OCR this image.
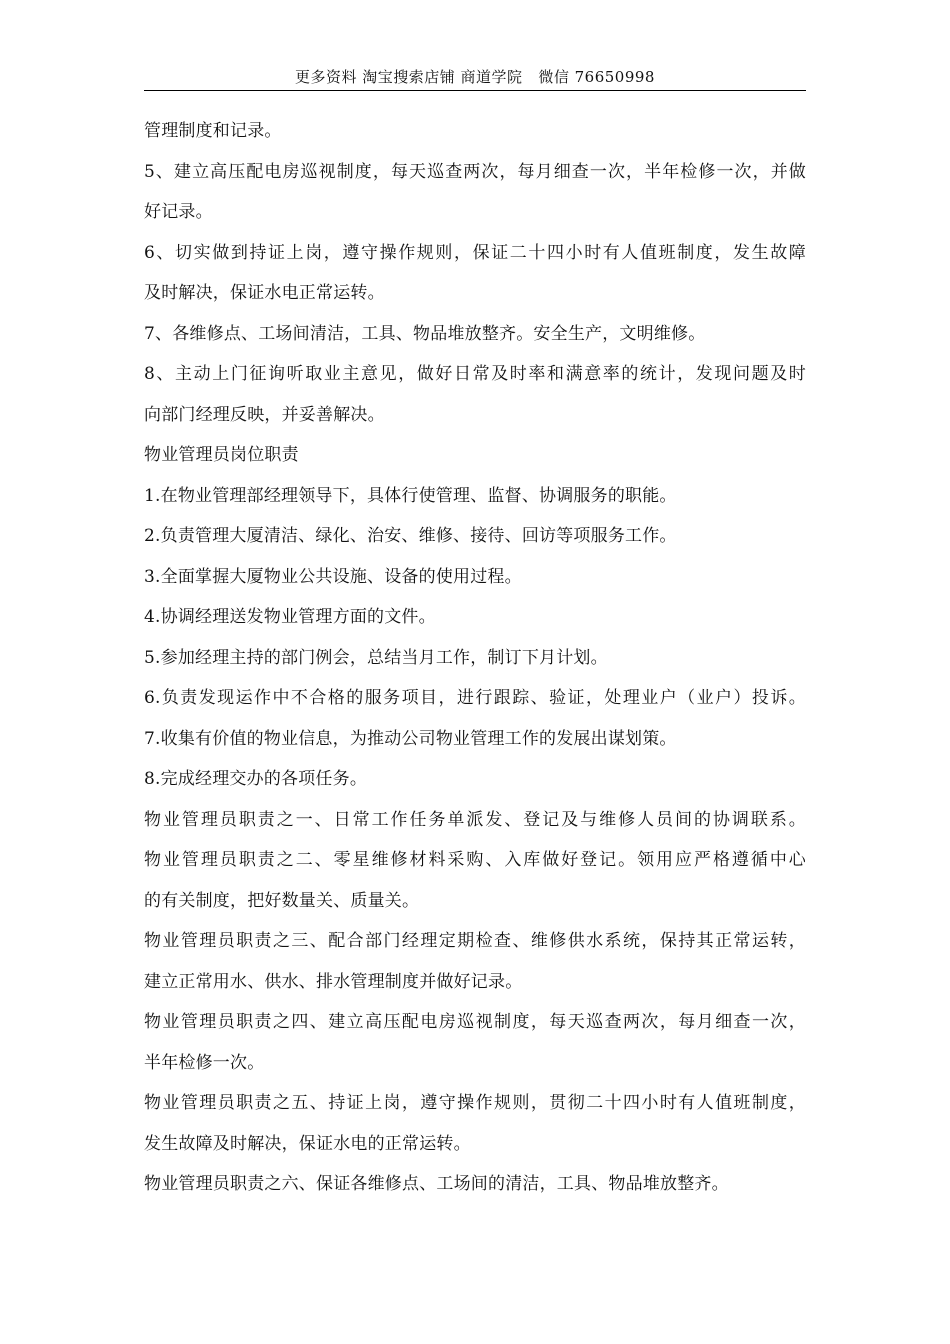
更多资料 淘宝搜索店铺 商道学院   微信 76650998
管理制度和记录。
5、建立高压配电房巡视制度，每天巡查两次，每月细查一次，半年检修一次，并做
好记录。
6、切实做到持证上岗，遵守操作规则，保证二十四小时有人值班制度，发生故障
及时解决，保证水电正常运转。
7、各维修点、工场间清洁，工具、物品堆放整齐。安全生产，文明维修。
8、主动上门征询听取业主意见，做好日常及时率和满意率的统计，发现问题及时
向部门经理反映，并妥善解决。
物业管理员岗位职责
1.在物业管理部经理领导下，具体行使管理、监督、协调服务的职能。
2.负责管理大厦清洁、绿化、治安、维修、接待、回访等项服务工作。
3.全面掌握大厦物业公共设施、设备的使用过程。
4.协调经理送发物业管理方面的文件。
5.参加经理主持的部门例会，总结当月工作，制订下月计划。
6.负责发现运作中不合格的服务项目，进行跟踪、验证，处理业户（业户）投诉。
7.收集有价值的物业信息，为推动公司物业管理工作的发展出谋划策。
8.完成经理交办的各项任务。
物业管理员职责之一、日常工作任务单派发、登记及与维修人员间的协调联系。
物业管理员职责之二、零星维修材料采购、入库做好登记。领用应严格遵循中心
的有关制度，把好数量关、质量关。
物业管理员职责之三、配合部门经理定期检查、维修供水系统，保持其正常运转，
建立正常用水、供水、排水管理制度并做好记录。
物业管理员职责之四、建立高压配电房巡视制度，每天巡查两次，每月细查一次，
半年检修一次。
物业管理员职责之五、持证上岗，遵守操作规则，贯彻二十四小时有人值班制度，
发生故障及时解决，保证水电的正常运转。
物业管理员职责之六、保证各维修点、工场间的清洁，工具、物品堆放整齐。
